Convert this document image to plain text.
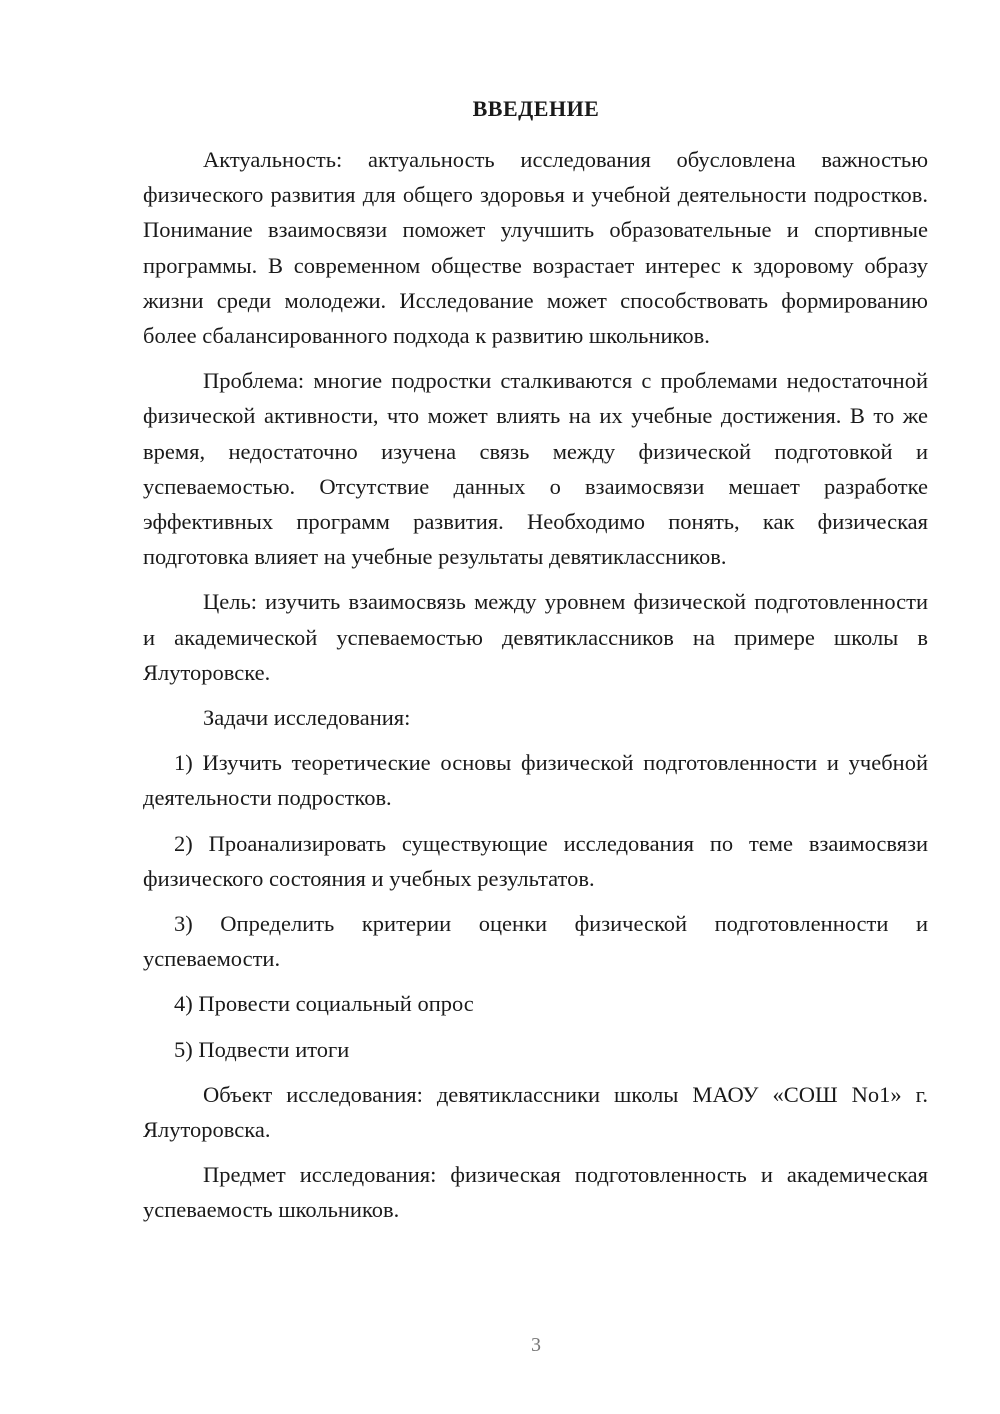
ВВЕДЕНИЕ

Актуальность: актуальность исследования обусловлена важностью физического развития для общего здоровья и учебной деятельности подростков. Понимание взаимосвязи поможет улучшить образовательные и спортивные программы. В современном обществе возрастает интерес к здоровому образу жизни среди молодежи. Исследование может способствовать формированию более сбалансированного подхода к развитию школьников.

Проблема: многие подростки сталкиваются с проблемами недостаточной физической активности, что может влиять на их учебные достижения. В то же время, недостаточно изучена связь между физической подготовкой и успеваемостью. Отсутствие данных о взаимосвязи мешает разработке эффективных программ развития. Необходимо понять, как физическая подготовка влияет на учебные результаты девятиклассников.

Цель: изучить взаимосвязь между уровнем физической подготовленности и академической успеваемостью девятиклассников на примере школы в Ялуторовске.

Задачи исследования:

1) Изучить теоретические основы физической подготовленности и учебной деятельности подростков.

2) Проанализировать существующие исследования по теме взаимосвязи физического состояния и учебных результатов.

3) Определить критерии оценки физической подготовленности и успеваемости.

4) Провести социальный опрос

5) Подвести итоги

Объект исследования: девятиклассники школы МАОУ «СОШ No1» г. Ялуторовска.

Предмет исследования: физическая подготовленность и академическая успеваемость школьников.

3
